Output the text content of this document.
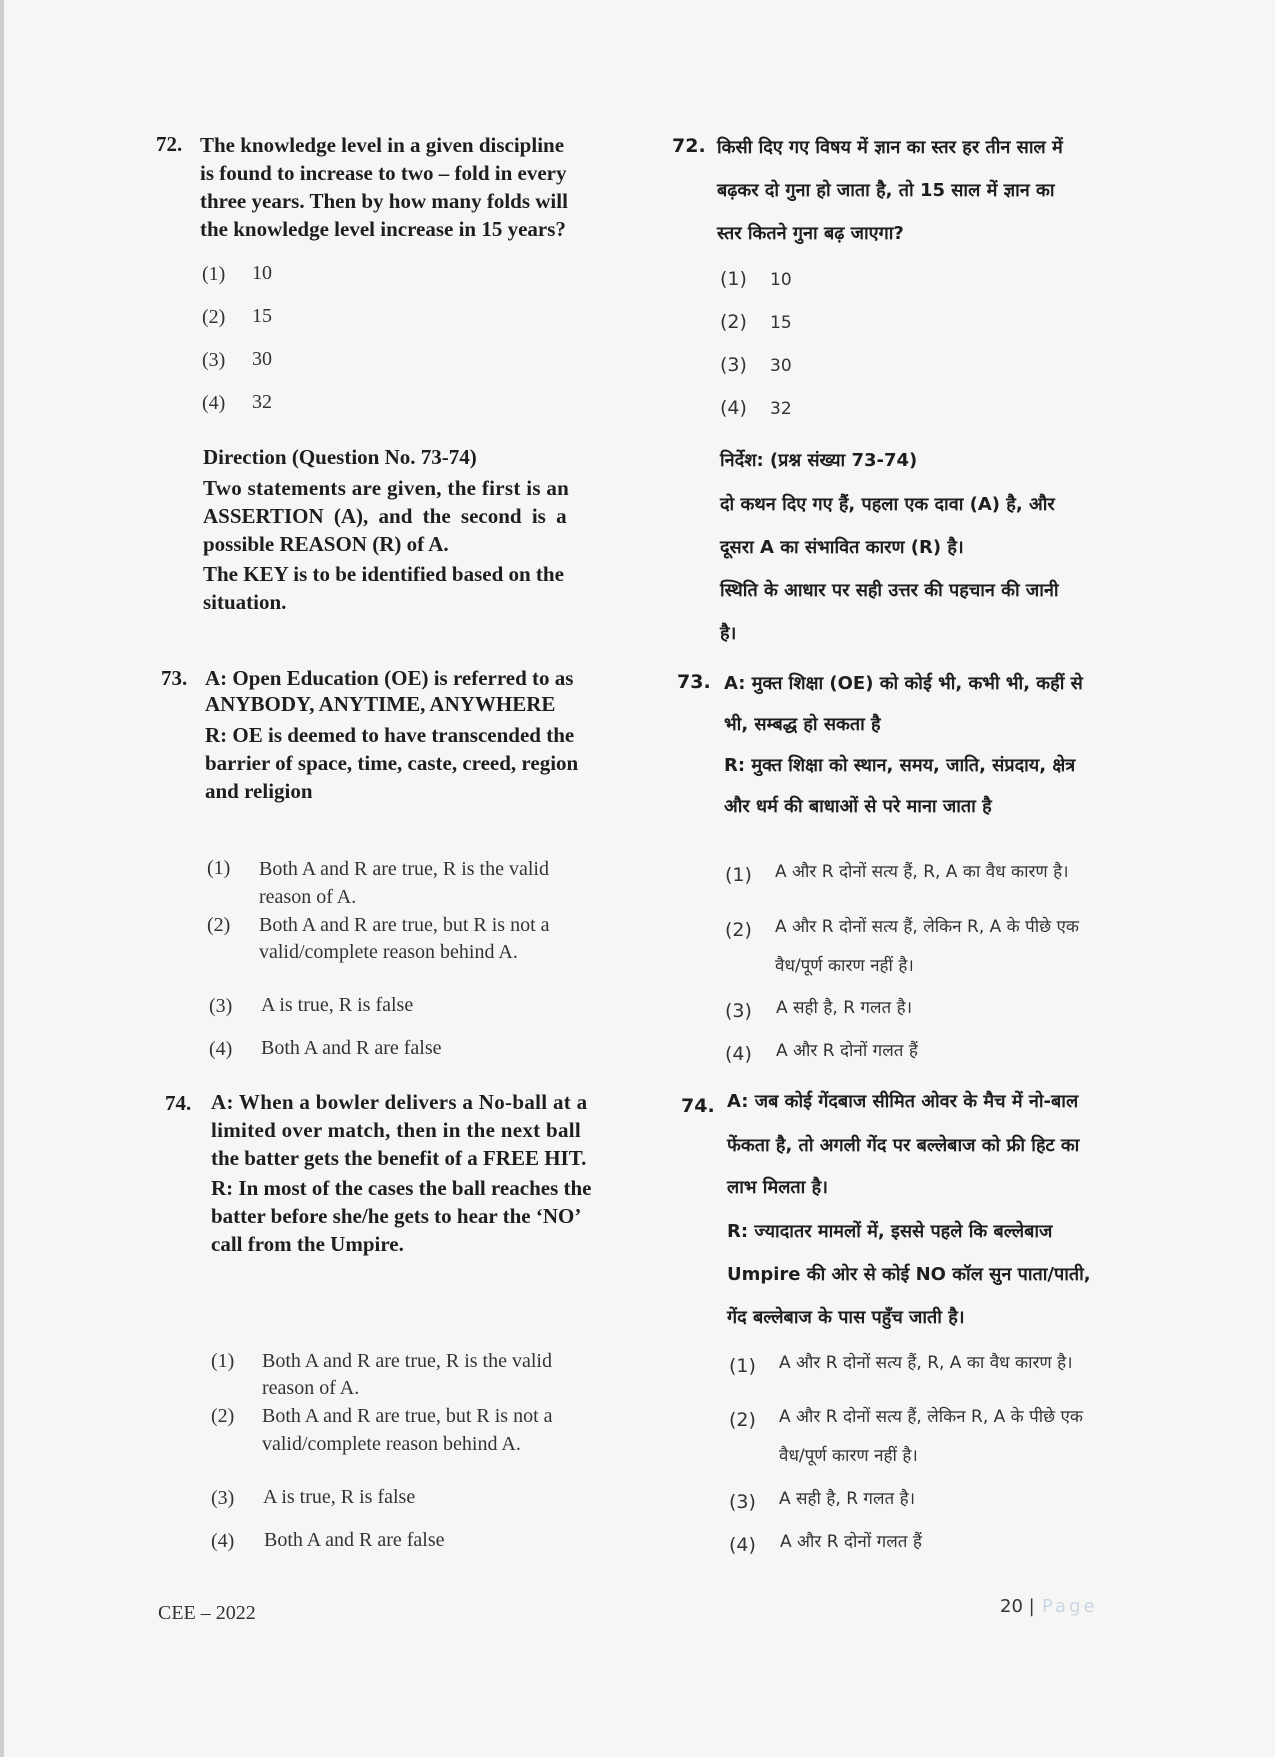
72. The knowledge level in a given discipline

is found to increase to two – fold in every

three years. Then by how many folds will

the knowledge level increase in 15 years?

(1) 10

(2) 15

(3) 30

(4) 32

Direction (Question No. 73-74)

Two statements are given, the first is an

ASSERTION (A), and the second is a

possible REASON (R) of A.

The KEY is to be identified based on the

situation.

73. A: Open Education (OE) is referred to as

ANYBODY, ANYTIME, ANYWHERE

R: OE is deemed to have transcended the

barrier of space, time, caste, creed, region

and religion

(1) Both A and R are true, R is the valid

reason of A.

(2) Both A and R are true, but R is not a

valid/complete reason behind A.

(3) A is true, R is false

(4) Both A and R are false

74. A: When a bowler delivers a No-ball at a

limited over match, then in the next ball

the batter gets the benefit of a FREE HIT.

R: In most of the cases the ball reaches the

batter before she/he gets to hear the ‘NO’

call from the Umpire.

(1) Both A and R are true, R is the valid

reason of A.

(2) Both A and R are true, but R is not a

valid/complete reason behind A.

(3) A is true, R is false

(4) Both A and R are false

72. किसी दिए गए विषय में ज्ञान का स्तर हर तीन साल में

बढ़कर दो गुना हो जाता है, तो 15 साल में ज्ञान का

स्तर कितने गुना बढ़ जाएगा?

(1) 10

(2) 15

(3) 30

(4) 32

निर्देश: (प्रश्न संख्या 73-74)

दो कथन दिए गए हैं, पहला एक दावा (A) है, और

दूसरा A का संभावित कारण (R) है।

स्थिति के आधार पर सही उत्तर की पहचान की जानी

है।

73. A: मुक्त शिक्षा (OE) को कोई भी, कभी भी, कहीं से

भी, सम्बद्ध हो सकता है

R: मुक्त शिक्षा को स्थान, समय, जाति, संप्रदाय, क्षेत्र

और धर्म की बाधाओं से परे माना जाता है

(1) A और R दोनों सत्य हैं, R, A का वैध कारण है।

(2) A और R दोनों सत्य हैं, लेकिन R, A के पीछे एक

वैध/पूर्ण कारण नहीं है।

(3) A सही है, R गलत है।

(4) A और R दोनों गलत हैं

74. A: जब कोई गेंदबाज सीमित ओवर के मैच में नो-बाल

फेंकता है, तो अगली गेंद पर बल्लेबाज को फ्री हिट का

लाभ मिलता है।

R: ज्यादातर मामलों में, इससे पहले कि बल्लेबाज

Umpire की ओर से कोई NO कॉल सुन पाता/पाती,

गेंद बल्लेबाज के पास पहुँच जाती है।

(1) A और R दोनों सत्य हैं, R, A का वैध कारण है।

(2) A और R दोनों सत्य हैं, लेकिन R, A के पीछे एक

वैध/पूर्ण कारण नहीं है।

(3) A सही है, R गलत है।

(4) A और R दोनों गलत हैं

CEE – 2022	20 | Page
